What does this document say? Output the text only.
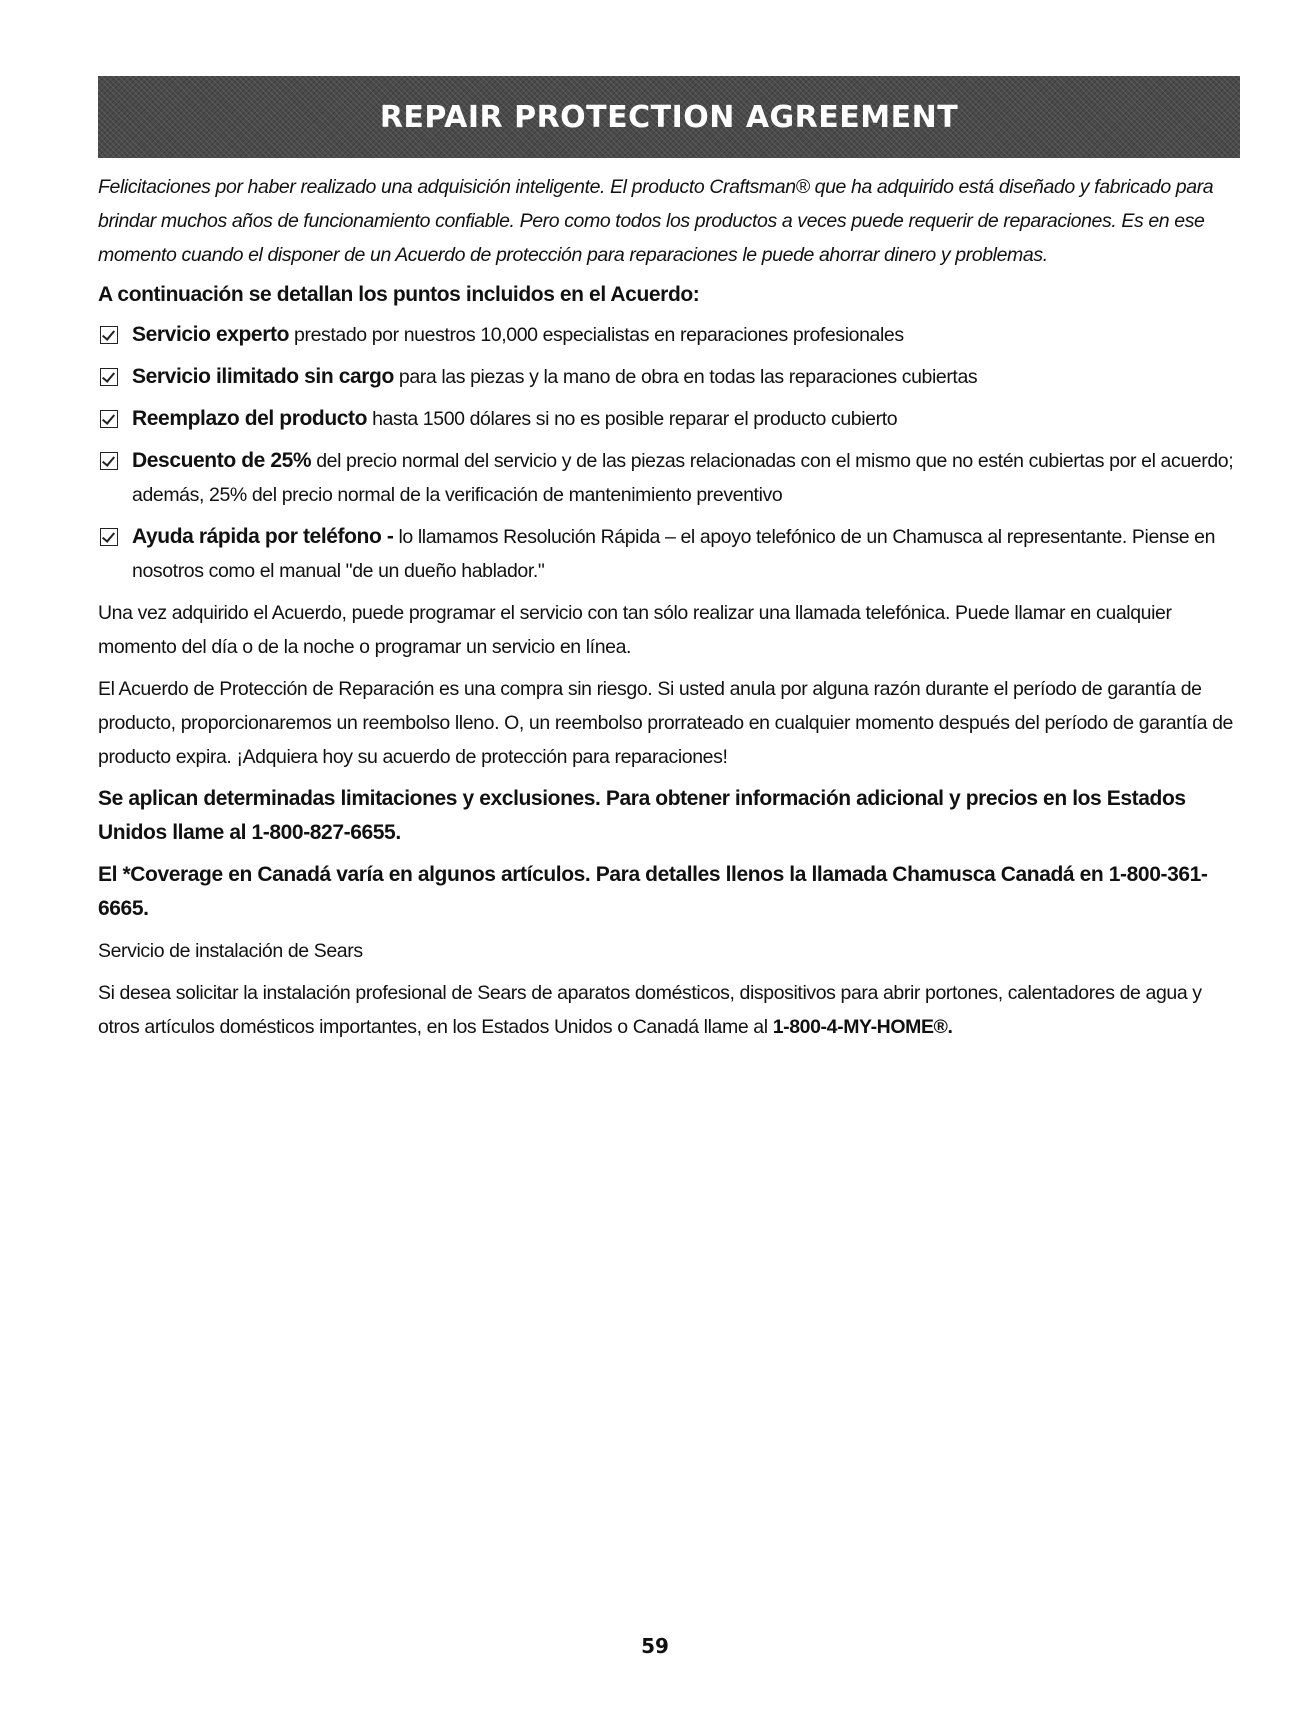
REPAIR PROTECTION AGREEMENT

Felicitaciones por haber realizado una adquisición inteligente. El producto Craftsman® que ha adquirido está diseñado y fabricado para brindar muchos años de funcionamiento confiable. Pero como todos los productos a veces puede requerir de reparaciones. Es en ese momento cuando el disponer de un Acuerdo de protección para reparaciones le puede ahorrar dinero y problemas.

A continuación se detallan los puntos incluidos en el Acuerdo:

Servicio experto prestado por nuestros 10,000 especialistas en reparaciones profesionales
Servicio ilimitado sin cargo para las piezas y la mano de obra en todas las reparaciones cubiertas
Reemplazo del producto hasta 1500 dólares si no es posible reparar el producto cubierto
Descuento de 25% del precio normal del servicio y de las piezas relacionadas con el mismo que no estén cubiertas por el acuerdo; además, 25% del precio normal de la verificación de mantenimiento preventivo
Ayuda rápida por teléfono - lo llamamos Resolución Rápida – el apoyo telefónico de un Chamusca al representante. Piense en nosotros como el manual "de un dueño hablador."

Una vez adquirido el Acuerdo, puede programar el servicio con tan sólo realizar una llamada telefónica. Puede llamar en cualquier momento del día o de la noche o programar un servicio en línea.

El Acuerdo de Protección de Reparación es una compra sin riesgo. Si usted anula por alguna razón durante el período de garantía de producto, proporcionaremos un reembolso lleno. O, un reembolso prorrateado en cualquier momento después del período de garantía de producto expira. ¡Adquiera hoy su acuerdo de protección para reparaciones!

Se aplican determinadas limitaciones y exclusiones. Para obtener información adicional y precios en los Estados Unidos llame al 1-800-827-6655.

El *Coverage en Canadá varía en algunos artículos. Para detalles llenos la llamada Chamusca Canadá en 1-800-361-6665.

Servicio de instalación de Sears

Si desea solicitar la instalación profesional de Sears de aparatos domésticos, dispositivos para abrir portones, calentadores de agua y otros artículos domésticos importantes, en los Estados Unidos o Canadá llame al 1-800-4-MY-HOME®.

59
